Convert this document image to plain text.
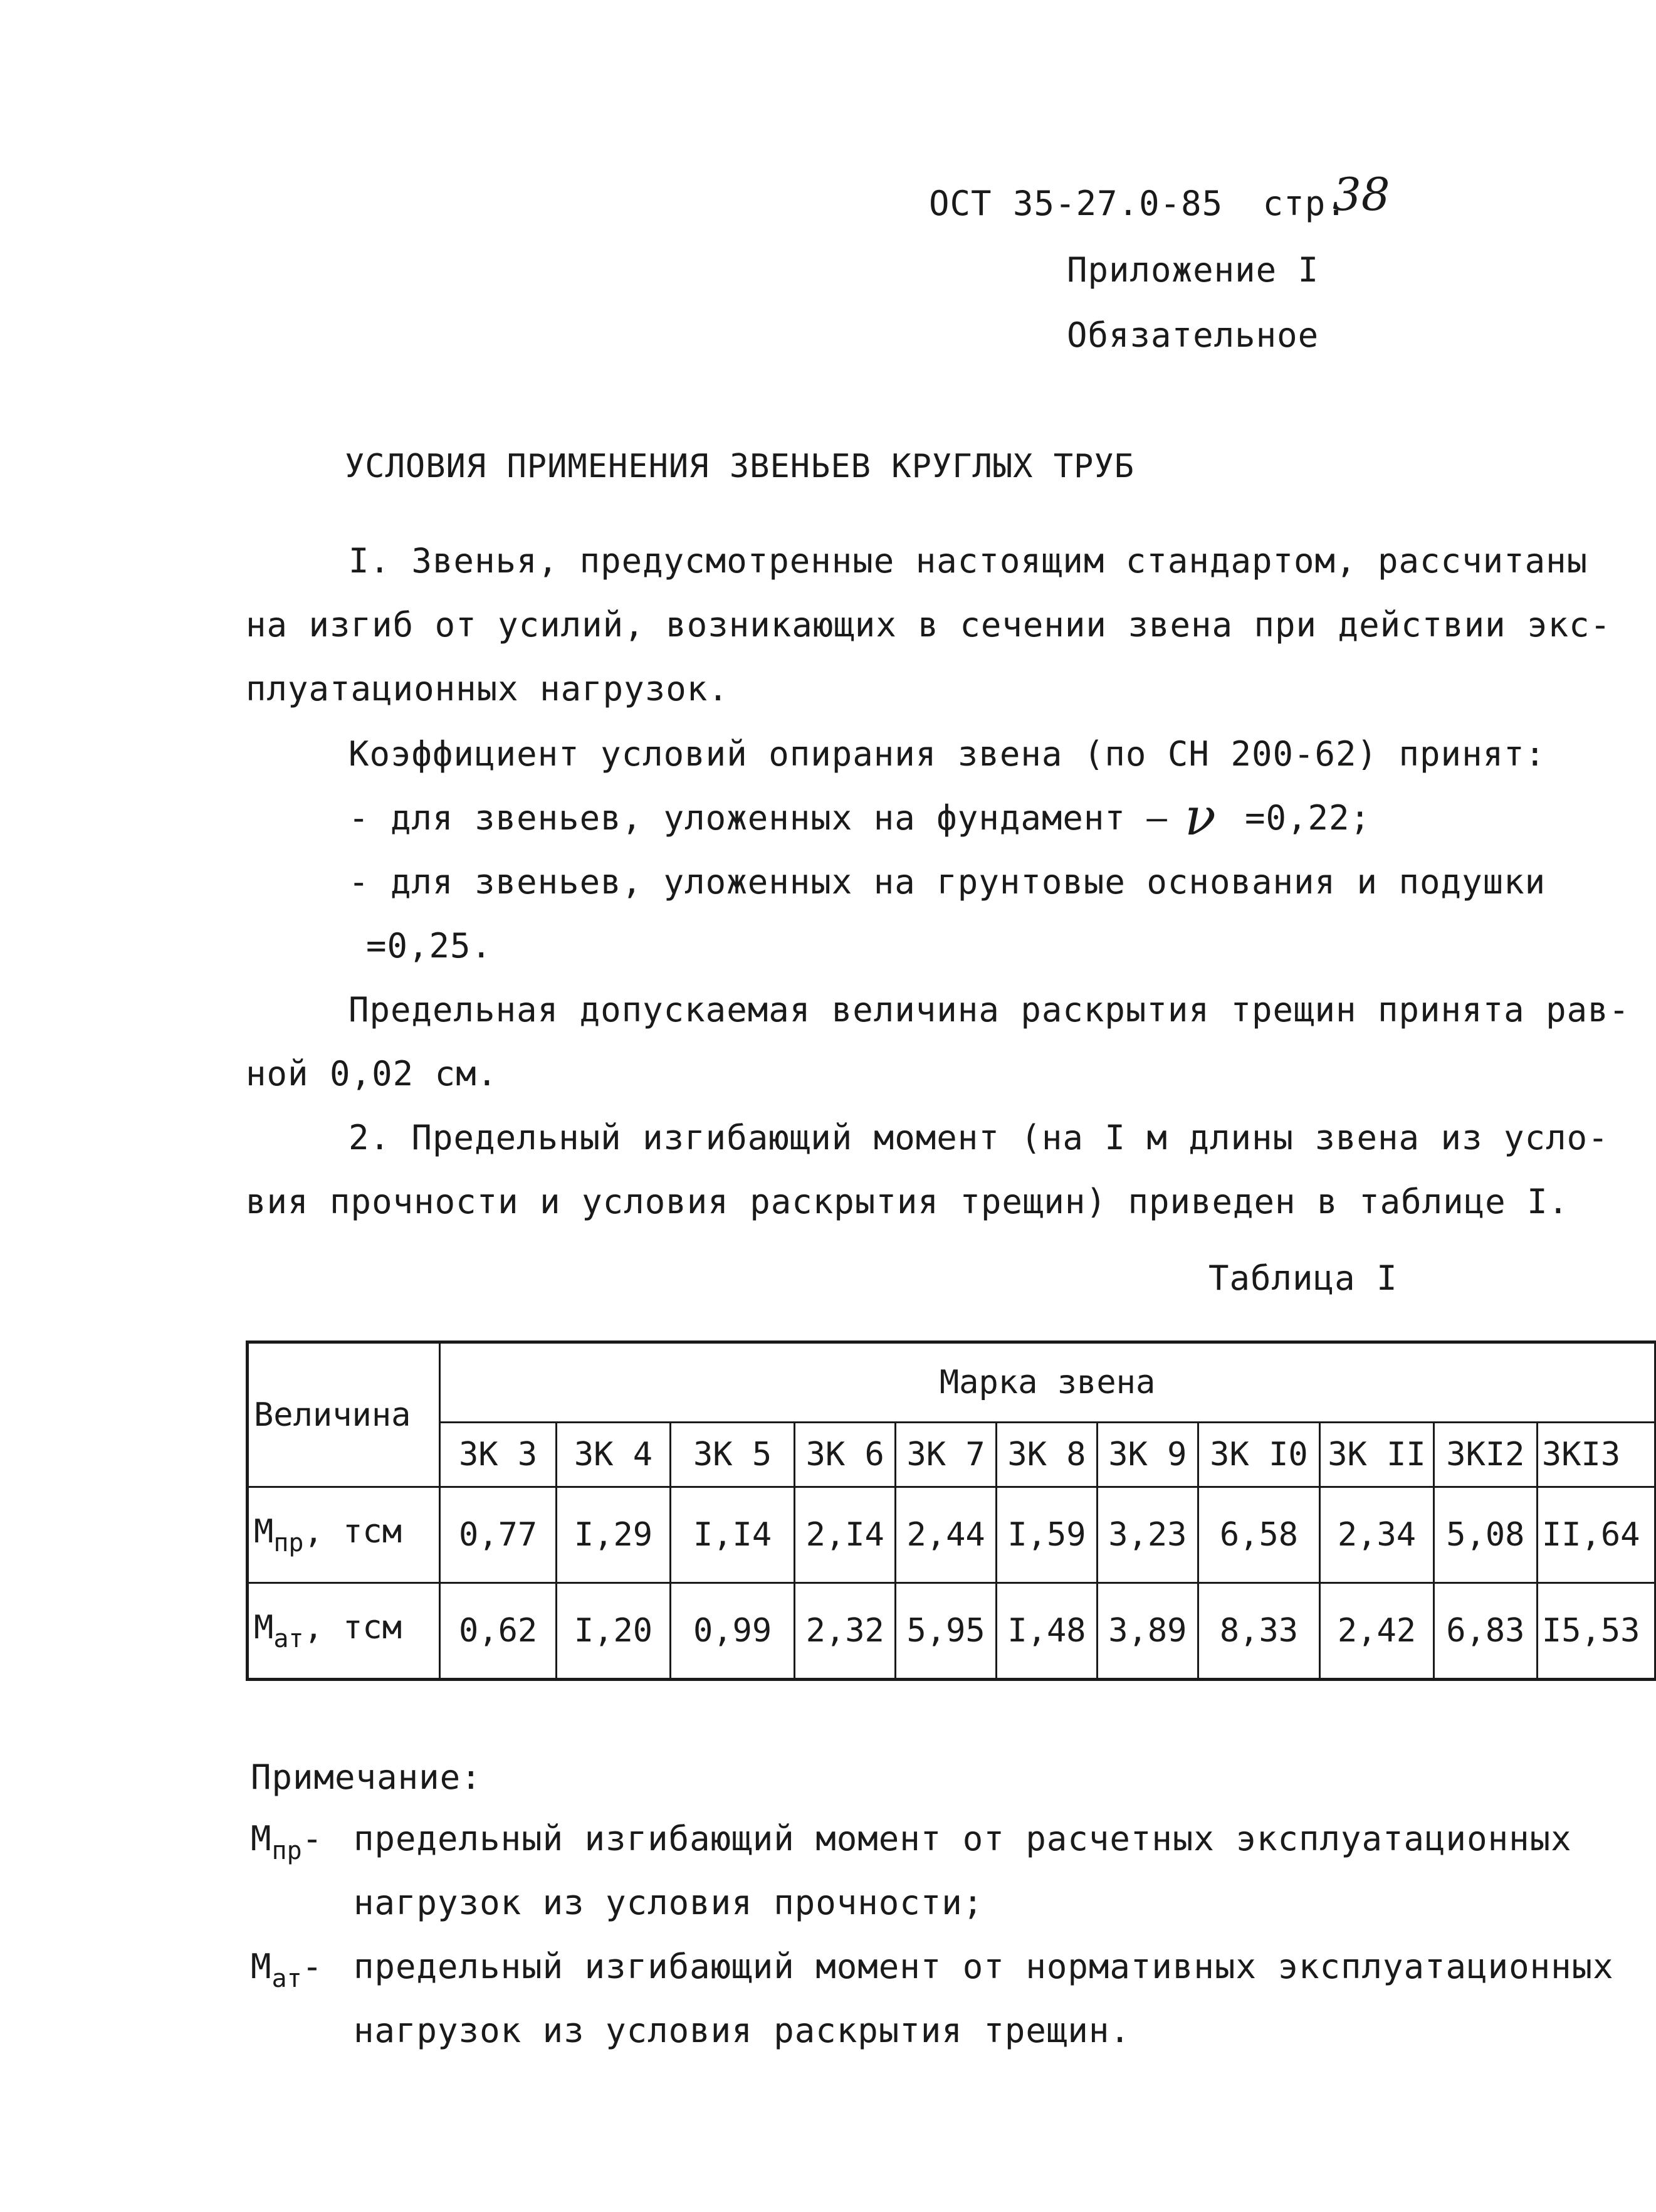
ОСТ 35-27.0-85 стр.
38
Приложение I
Обязательное
УСЛОВИЯ ПРИМЕНЕНИЯ ЗВЕНЬЕВ КРУГЛЫХ ТРУБ
I. Звенья, предусмотренные настоящим стандартом, рассчитаны
на изгиб от усилий, возникающих в сечении звена при действии экс-
плуатационных нагрузок.
Коэффициент условий опирания звена (по СН 200-62) принят:
- для звеньев, уложенных на фундамент — ν =0,22;
- для звеньев, уложенных на грунтовые основания и подушки
=0,25.
Предельная допускаемая величина раскрытия трещин принята рав-
ной 0,02 см.
2. Предельный изгибающий момент (на I м длины звена из усло-
вия прочности и условия раскрытия трещин) приведен в таблице I.
Таблица I
Величина	Марка звена										
	ЗК 3	ЗК 4	ЗК 5	ЗК 6	ЗК 7	ЗК 8	ЗК 9	ЗК I0	ЗК II	ЗКI2	ЗКI3
$M_{пр}$, тсм	0,77	I,29	I,I4	2,I4	2,44	I,59	3,23	6,58	2,34	5,08	II,64
$M_{ат}$, тсм	0,62	I,20	0,99	2,32	5,95	I,48	3,89	8,33	2,42	6,83	I5,53
Примечание:
$M_{пр}-$ предельный изгибающий момент от расчетных эксплуатационных
нагрузок из условия прочности;
$M_{ат}-$ предельный изгибающий момент от нормативных эксплуатационных
нагрузок из условия раскрытия трещин.
